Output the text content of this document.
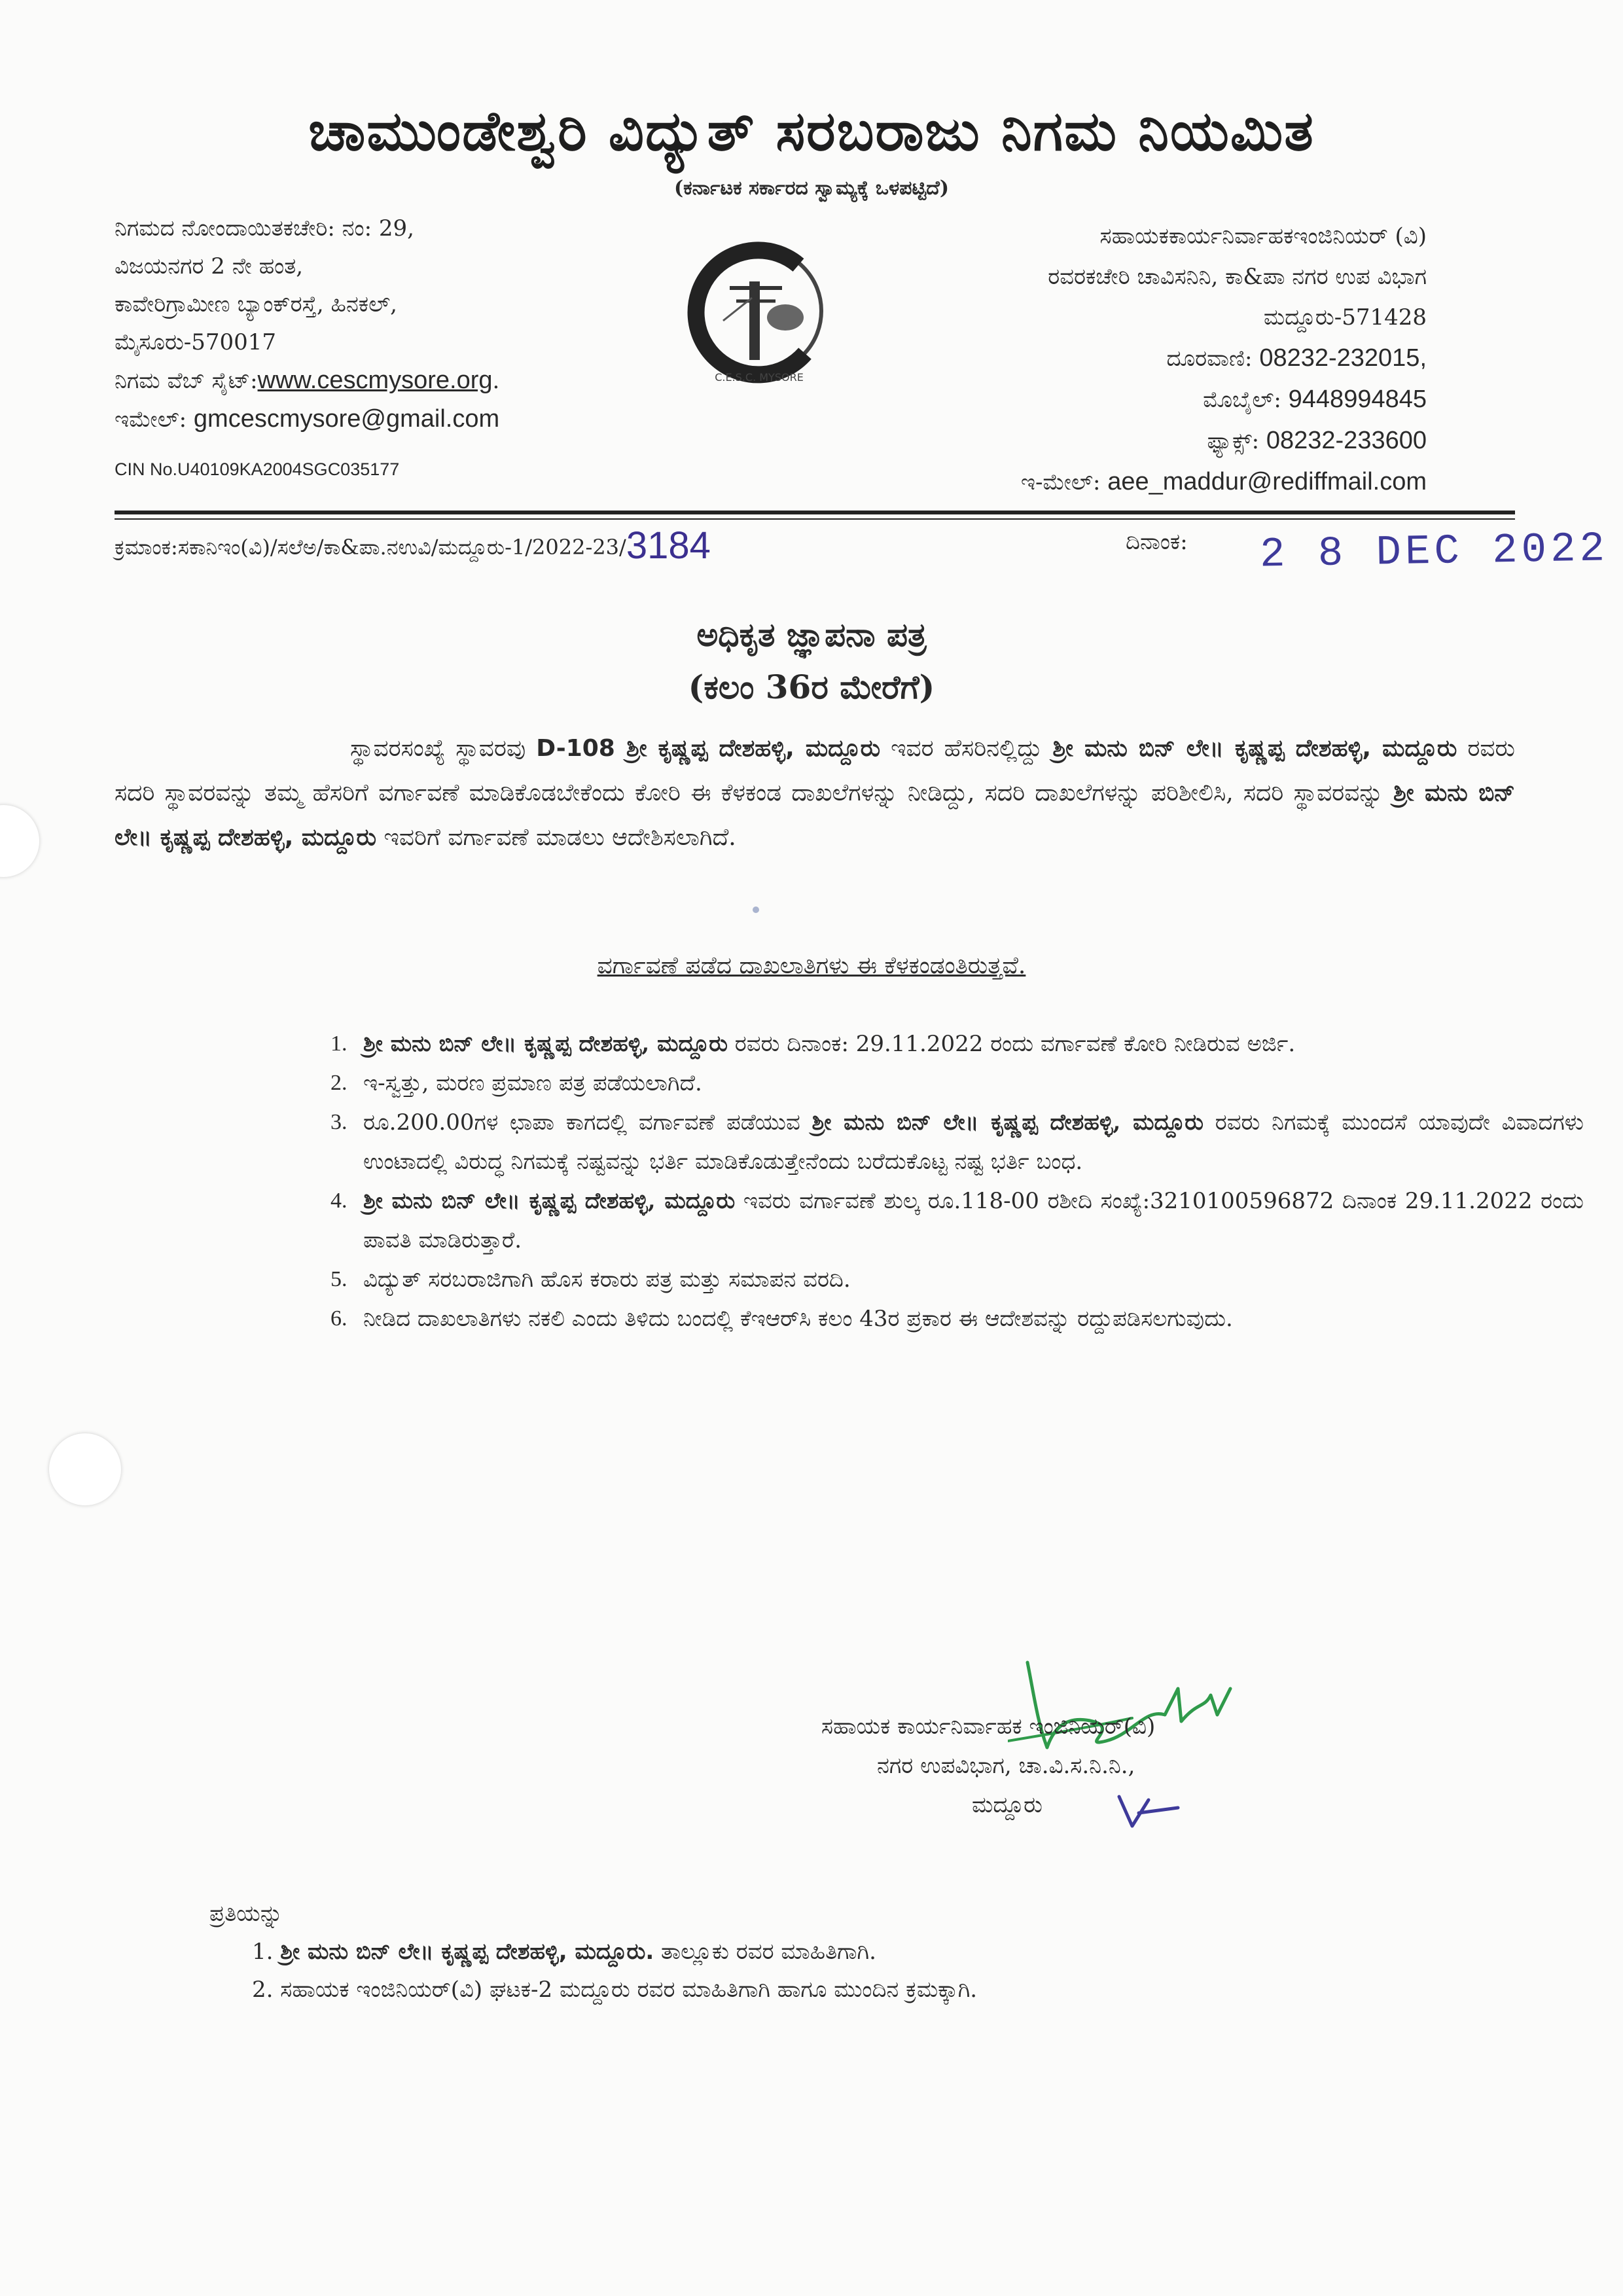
ಚಾಮುಂಡೇಶ್ವರಿ ವಿದ್ಯುತ್ ಸರಬರಾಜು ನಿಗಮ ನಿಯಮಿತ
(ಕರ್ನಾಟಕ ಸರ್ಕಾರದ ಸ್ವಾಮ್ಯಕ್ಕೆ ಒಳಪಟ್ಟಿದೆ)
ನಿಗಮದ ನೋಂದಾಯಿತಕಚೇರಿ: ನಂ: 29,
ವಿಜಯನಗರ 2 ನೇ ಹಂತ,
ಕಾವೇರಿಗ್ರಾಮೀಣ ಬ್ಯಾಂಕ್‌ರಸ್ತೆ, ಹಿನಕಲ್,
ಮೈಸೂರು-570017
ನಿಗಮ ವೆಬ್ ಸೈಟ್:www.cescmysore.org.
ಇಮೇಲ್: gmcescmysore@gmail.com
CIN No.U40109KA2004SGC035177
C.E.S.C. MYSORE
ಸಹಾಯಕಕಾರ್ಯನಿರ್ವಾಹಕಇಂಜಿನಿಯರ್ (ವಿ)
ರವರಕಚೇರಿ ಚಾವಿಸನಿನಿ, ಕಾ&ಪಾ ನಗರ ಉಪ ವಿಭಾಗ
ಮದ್ದೂರು-571428
ದೂರವಾಣಿ: 08232-232015,
ಮೊಬೈಲ್: 9448994845
ಫ್ಯಾಕ್ಸ್: 08232-233600
ಇ-ಮೇಲ್: aee_maddur@rediffmail.com
ಕ್ರಮಾಂಕ:ಸಕಾನಿಇಂ(ವಿ)/ಸಲೆಅ/ಕಾ&ಪಾ.ನಉವಿ/ಮದ್ದೂರು-1/2022-23/3184	ದಿನಾಂಕ: 2 8 DEC 2022
ಅಧಿಕೃತ ಜ್ಞಾಪನಾ ಪತ್ರ
(ಕಲಂ 36ರ ಮೇರೆಗೆ)
ಸ್ಥಾವರಸಂಖ್ಯೆ ಸ್ಥಾವರವು D-108 ಶ್ರೀ ಕೃಷ್ಣಪ್ಪ ದೇಶಹಳ್ಳಿ, ಮದ್ದೂರು ಇವರ ಹೆಸರಿನಲ್ಲಿದ್ದು ಶ್ರೀ ಮನು ಬಿನ್ ಲೇ॥ ಕೃಷ್ಣಪ್ಪ ದೇಶಹಳ್ಳಿ, ಮದ್ದೂರು ರವರು ಸದರಿ ಸ್ಥಾವರವನ್ನು ತಮ್ಮ ಹೆಸರಿಗೆ ವರ್ಗಾವಣೆ ಮಾಡಿಕೊಡಬೇಕೆಂದು ಕೋರಿ ಈ ಕೆಳಕಂಡ ದಾಖಲೆಗಳನ್ನು ನೀಡಿದ್ದು, ಸದರಿ ದಾಖಲೆಗಳನ್ನು ಪರಿಶೀಲಿಸಿ, ಸದರಿ ಸ್ಥಾವರವನ್ನು ಶ್ರೀ ಮನು ಬಿನ್ ಲೇ॥ ಕೃಷ್ಣಪ್ಪ ದೇಶಹಳ್ಳಿ, ಮದ್ದೂರು ಇವರಿಗೆ ವರ್ಗಾವಣೆ ಮಾಡಲು ಆದೇಶಿಸಲಾಗಿದೆ.
ವರ್ಗಾವಣೆ ಪಡೆದ ದಾಖಲಾತಿಗಳು ಈ ಕೆಳಕಂಡಂತಿರುತ್ತವೆ.
1. ಶ್ರೀ ಮನು ಬಿನ್ ಲೇ॥ ಕೃಷ್ಣಪ್ಪ ದೇಶಹಳ್ಳಿ, ಮದ್ದೂರು ರವರು ದಿನಾಂಕ: 29.11.2022 ರಂದು ವರ್ಗಾವಣೆ ಕೋರಿ ನೀಡಿರುವ ಅರ್ಜಿ.
2. ಇ-ಸ್ವತ್ತು, ಮರಣ ಪ್ರಮಾಣ ಪತ್ರ ಪಡೆಯಲಾಗಿದೆ.
3. ರೂ.200.00ಗಳ ಛಾಪಾ ಕಾಗದಲ್ಲಿ ವರ್ಗಾವಣೆ ಪಡೆಯುವ ಶ್ರೀ ಮನು ಬಿನ್ ಲೇ॥ ಕೃಷ್ಣಪ್ಪ ದೇಶಹಳ್ಳಿ, ಮದ್ದೂರು ರವರು ನಿಗಮಕ್ಕೆ ಮುಂದಸೆ ಯಾವುದೇ ವಿವಾದಗಳು ಉಂಟಾದಲ್ಲಿ ವಿರುದ್ಧ ನಿಗಮಕ್ಕೆ ನಷ್ಟವನ್ನು ಭರ್ತಿ ಮಾಡಿಕೊಡುತ್ತೇನೆಂದು ಬರೆದುಕೊಟ್ಟ ನಷ್ಟ ಭರ್ತಿ ಬಂಧ.
4. ಶ್ರೀ ಮನು ಬಿನ್ ಲೇ॥ ಕೃಷ್ಣಪ್ಪ ದೇಶಹಳ್ಳಿ, ಮದ್ದೂರು ಇವರು ವರ್ಗಾವಣೆ ಶುಲ್ಕ ರೂ.118-00 ರಶೀದಿ ಸಂಖ್ಯೆ:3210100596872 ದಿನಾಂಕ 29.11.2022 ರಂದು ಪಾವತಿ ಮಾಡಿರುತ್ತಾರೆ.
5. ವಿದ್ಯುತ್ ಸರಬರಾಜಿಗಾಗಿ ಹೊಸ ಕರಾರು ಪತ್ರ ಮತ್ತು ಸಮಾಪನ ವರದಿ.
6. ನೀಡಿದ ದಾಖಲಾತಿಗಳು ನಕಲಿ ಎಂದು ತಿಳಿದು ಬಂದಲ್ಲಿ ಕೆಇಆರ್‌ಸಿ ಕಲಂ 43ರ ಪ್ರಕಾರ ಈ ಆದೇಶವನ್ನು ರದ್ದುಪಡಿಸಲಗುವುದು.
ಸಹಾಯಕ ಕಾರ್ಯನಿರ್ವಾಹಕ ಇಂಜಿನಿಯರ್(ವಿ)
ನಗರ ಉಪವಿಭಾಗ, ಚಾ.ವಿ.ಸ.ನಿ.ನಿ.,
ಮದ್ದೂರು
ಪ್ರತಿಯನ್ನು
1. ಶ್ರೀ ಮನು ಬಿನ್ ಲೇ॥ ಕೃಷ್ಣಪ್ಪ ದೇಶಹಳ್ಳಿ, ಮದ್ದೂರು. ತಾಲ್ಲೂಕು ರವರ ಮಾಹಿತಿಗಾಗಿ.
2. ಸಹಾಯಕ ಇಂಜಿನಿಯರ್(ವಿ) ಘಟಕ-2 ಮದ್ದೂರು ರವರ ಮಾಹಿತಿಗಾಗಿ ಹಾಗೂ ಮುಂದಿನ ಕ್ರಮಕ್ಕಾಗಿ.
